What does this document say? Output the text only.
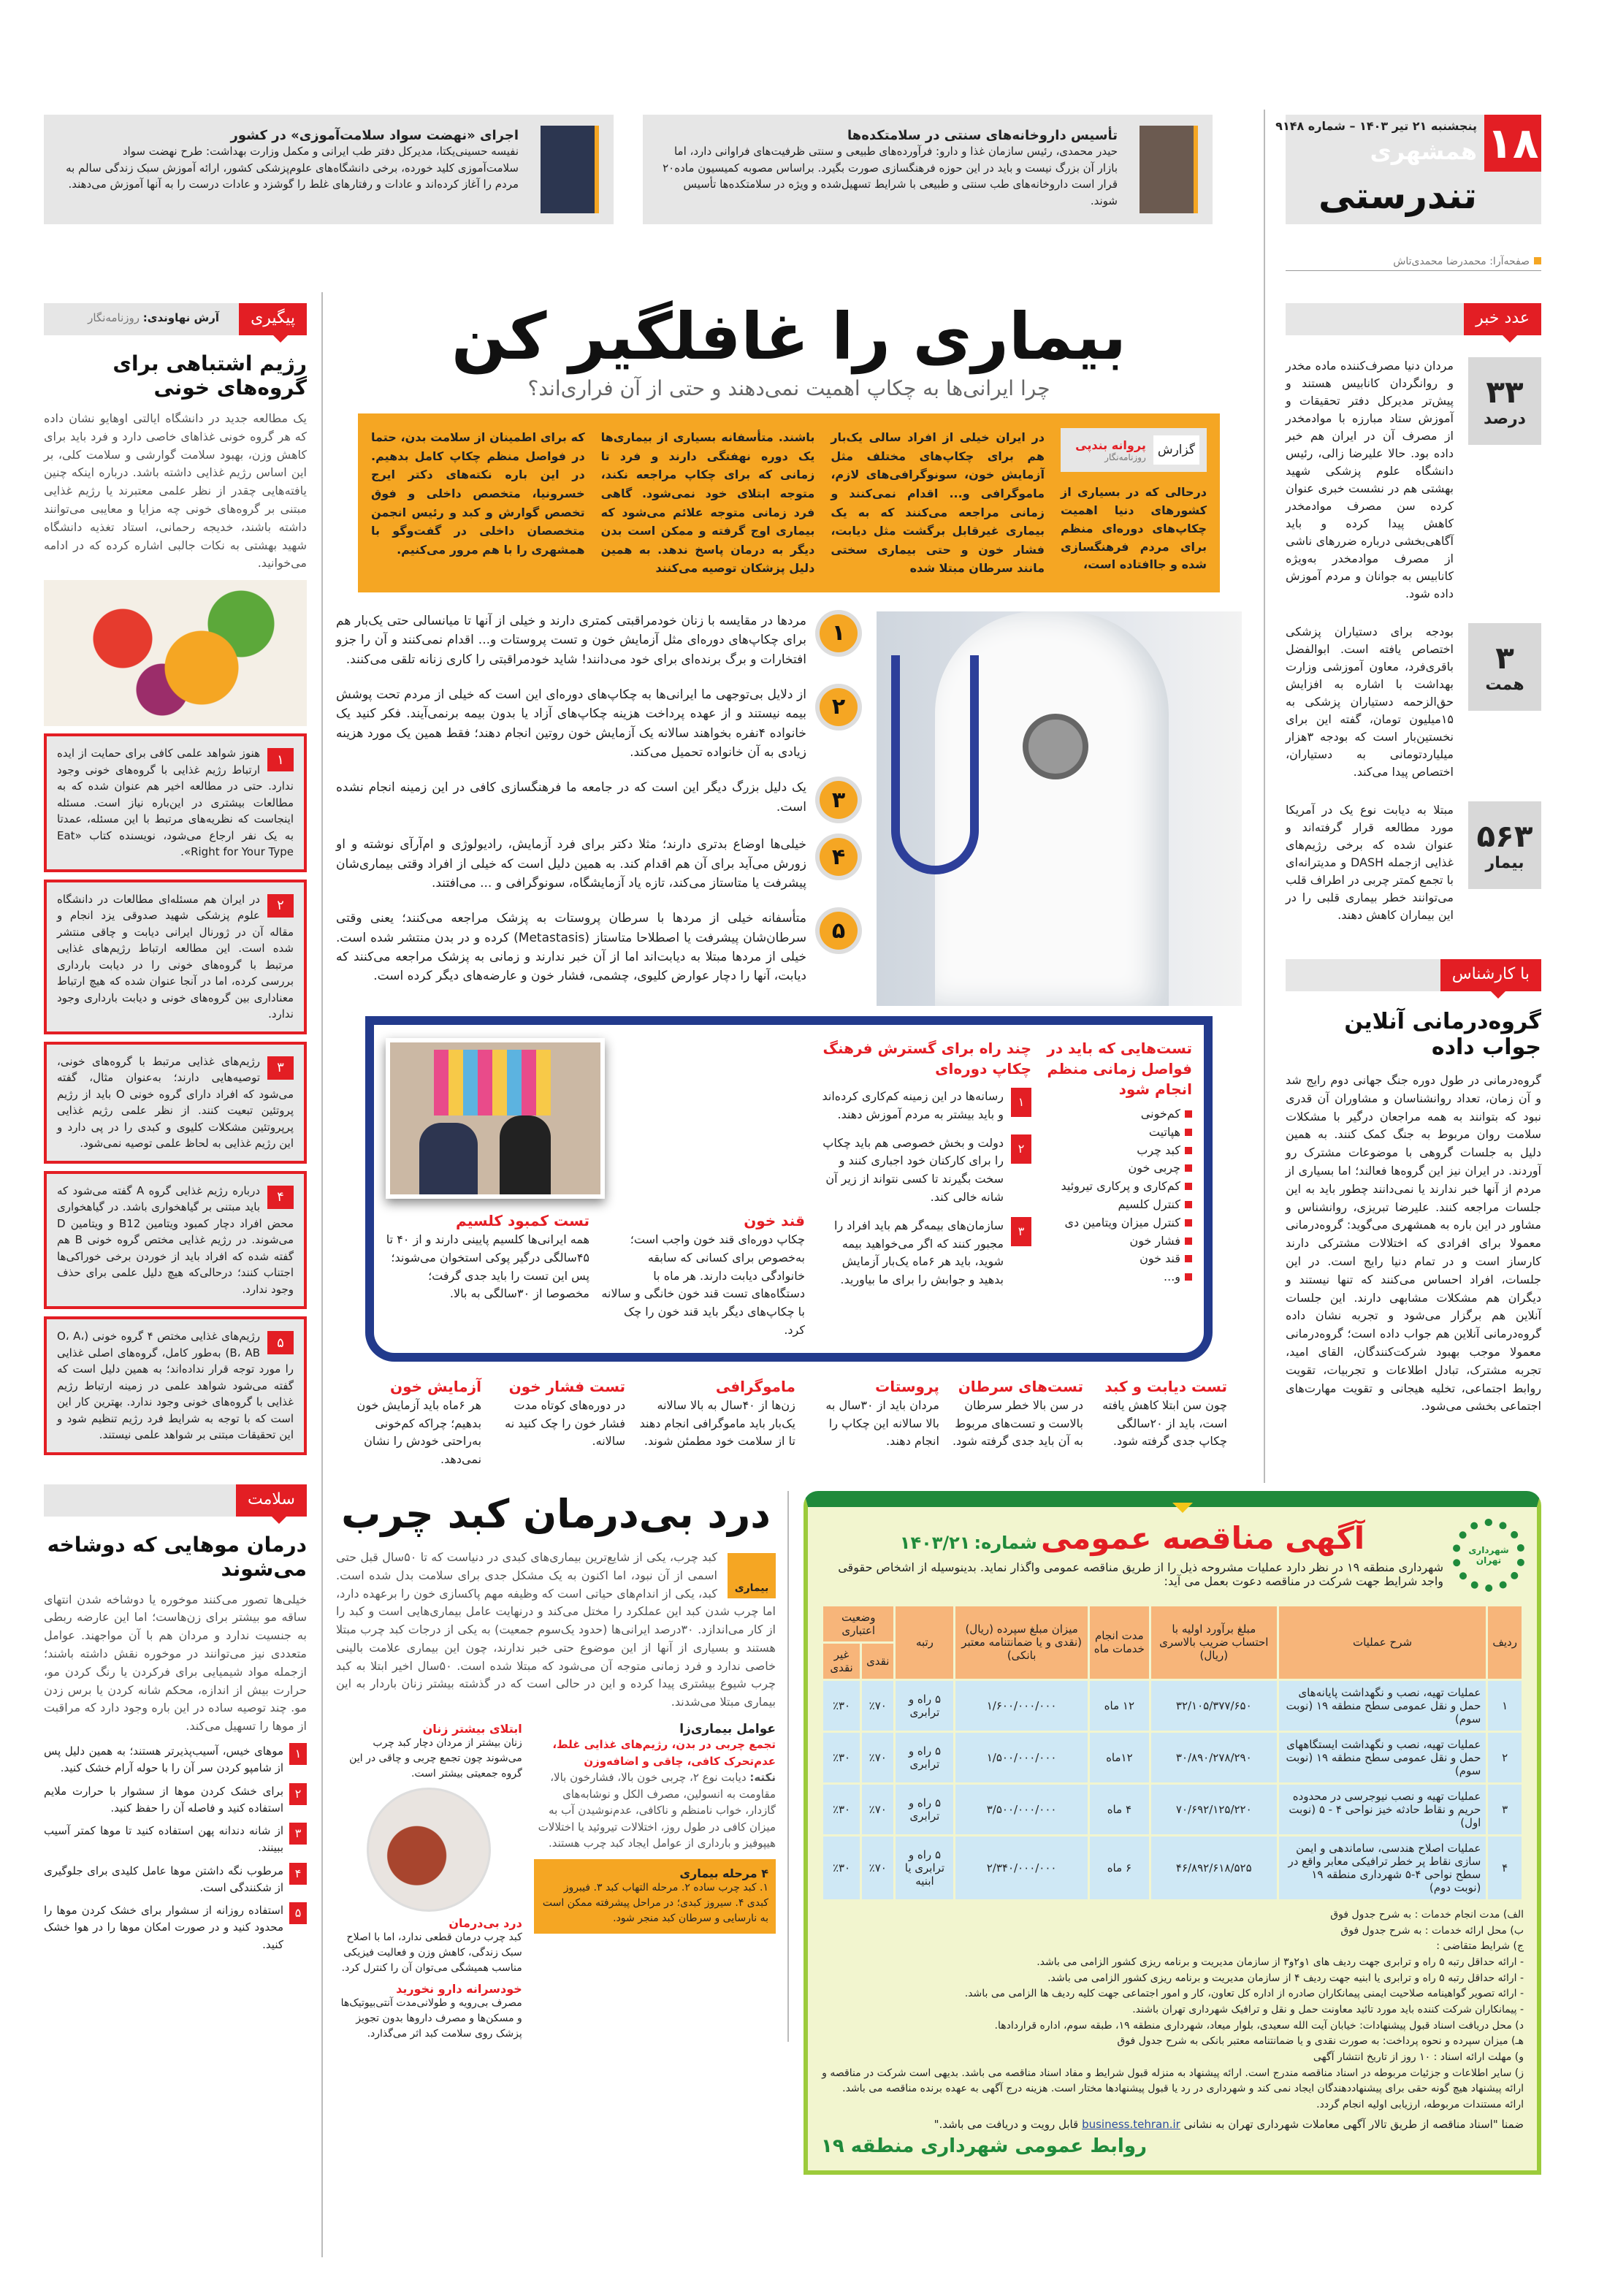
۱۸
پنجشنبه ۲۱ تیر ۱۴۰۳ – شماره ۹۱۴۸
همشهری
تندرستی
صفحه‌آرا: محمدرضا محمدی‌تاش
تأسیس داروخانه‌های سنتی در سلامتکده‌ها
حیدر محمدی، رئیس سازمان غذا و دارو: فرآورده‌های طبیعی و سنتی ظرفیت‌های فراوانی دارد، اما بازار آن بزرگ نیست و باید در این حوزه فرهنگسازی صورت بگیرد. براساس مصوبه کمیسیون ماده۲۰ قرار است داروخانه‌های طب سنتی و طبیعی با شرایط تسهیل‌شده و ویژه در سلامتکده‌ها تأسیس شوند.
اجرای «نهضت سواد سلامت‌آموزی» در کشور
نفیسه حسینی‌یکتا، مدیرکل دفتر طب ایرانی و مکمل وزارت بهداشت: طرح نهضت سواد سلامت‌آموزی کلید خورده، برخی دانشگاه‌های علوم‌پزشکی کشور، ارائه آموزش سبک زندگی سالم به مردم را آغاز کرده‌اند و عادات و رفتارهای غلط را گوشزد و عادات درست را به آنها آموزش می‌دهند.
عدد خبر
۳۳
درصد

مردان دنیا مصرف‌کننده ماده مخدر و روانگردان کانابیس هستند و پیش‌تر مدیرکل دفتر تحقیقات و آموزش ستاد مبارزه با موادمخدر از مصرف آن در ایران هم خبر داده بود. حالا علیرضا زالی، رئیس دانشگاه علوم پزشکی شهید بهشتی هم در نشست خبری عنوان کرده سن مصرف موادمخدر کاهش پیدا کرده و باید آگاهی‌بخشی درباره ضررهای ناشی از مصرف موادمخدر به‌ویژه کانابیس به جوانان و مردم آموزش داده شود.

۳
همت

بودجه برای دستیاران پزشکی اختصاص یافته است. ابوالفضل باقری‌فرد، معاون آموزشی وزارت بهداشت با اشاره به افزایش حق‌الزحمه دستیاران پزشکی به ۱۵میلیون تومان، گفته این برای نخستین‌بار است که بودجه ۳هزار میلیاردتومانی به دستیاران، اختصاص پیدا می‌کند.

۵۶۳
بیمار

مبتلا به دیابت نوع یک در آمریکا مورد مطالعه قرار گرفته‌اند و عنوان شده که برخی رژیم‌های غذایی ازجمله DASH و مدیترانه‌ای با تجمع کمتر چربی در اطراف قلب می‌توانند خطر بیماری قلبی را در این بیماران کاهش دهند.

با کارشناس
گروه‌درمانی آنلاین جواب داده

گروه‌درمانی در طول دوره جنگ جهانی دوم رایج شد و آن زمان، تعداد روانشناسان و مشاوران آن قدری نبود که بتوانند به همه مراجعان درگیر با مشکلات سلامت روان مربوط به جنگ کمک کنند. به همین دلیل به جلسات گروهی با موضوعات مشترک رو آوردند. در ایران نیز این گروه‌ها فعالند؛ اما بسیاری از مردم از آنها خبر ندارند یا نمی‌دانند چطور باید به این جلسات مراجعه کنند. علیرضا تبریزی، روانشناس و مشاور در این باره به همشهری می‌گوید: گروه‌درمانی معمولا برای افرادی که اختلالات مشترکی دارند کارساز است و در تمام دنیا رایج است. در این جلسات، افراد احساس می‌کنند که تنها نیستند و دیگران هم مشکلات مشابهی دارند. این جلسات آنلاین هم برگزار می‌شود و تجربه نشان داده گروه‌درمانی آنلاین هم جواب داده است؛ گروه‌درمانی معمولا موجب بهبود شرکت‌کنندگان، القای امید، تجربه مشترک، تبادل اطلاعات و تجربیات، تقویت روابط اجتماعی، تخلیه هیجانی و تقویت مهارت‌های اجتماعی بخشی می‌شود.

پیگیری
آرش نهاوندی: روزنامه‌نگار
رژیم اشتباهی برای گروه‌های خونی

یک مطالعه جدید در دانشگاه ایالتی اوهایو نشان داده که هر گروه خونی غذاهای خاصی دارد و فرد باید برای کاهش وزن، بهبود سلامت گوارشی و سلامت کلی، بر این اساس رژیم غذایی داشته باشد. درباره اینکه چنین یافته‌هایی چقدر از نظر علمی معتبرند یا رژیم غذایی مبتنی بر گروه‌های خونی چه مزایا و معایبی می‌توانند داشته باشند، خدیجه رحمانی، استاد تغذیه دانشگاه شهید بهشتی به نکات جالبی اشاره کرده که در ادامه می‌خوانید.

۱

هنوز شواهد علمی کافی برای حمایت از ایده ارتباط رژیم غذایی با گروه‌های خونی وجود ندارد. حتی در مطالعه اخیر هم عنوان شده که به مطالعات بیشتری در این‌باره نیاز است. مسئله اینجاست که نظریه‌های مرتبط با این مسئله، عمدتا به یک نفر ارجاع می‌شود، نویسنده کتاب «Eat Right for Your Type».

۲

در ایران هم مسئله‌ای مطالعات در دانشگاه علوم پزشکی شهید صدوقی یزد انجام و مقاله آن در ژورنال ایرانی دیابت و چاقی منتشر شده است. این مطالعه ارتباط رژیم‌های غذایی مرتبط با گروه‌های خونی را در دیابت بارداری بررسی کرده، اما در آنجا عنوان شده که هیچ ارتباط معناداری بین گروه‌های خونی و دیابت بارداری وجود ندارد.

۳

رژیم‌های غذایی مرتبط با گروه‌های خونی، توصیه‌هایی دارند؛ به‌عنوان مثال، گفته می‌شود که افراد دارای گروه خونی O باید از رژیم پروتئین تبعیت کنند. از نظر علمی رژیم غذایی پرپروتئین مشکلات کلیوی و کبدی را در پی دارد و این رژیم غذایی به لحاظ علمی توصیه نمی‌شود.

۴

درباره رژیم غذایی گروه A گفته می‌شود که باید مبتنی بر گیاهخواری باشد. در گیاهخواری محض افراد دچار کمبود ویتامین B12 و ویتامین D می‌شوند. در رژیم غذایی مختص گروه خونی B هم گفته شده که افراد باید از خوردن برخی خوراکی‌ها اجتناب کنند؛ درحالی‌که هیچ دلیل علمی برای حذف وجود ندارد.

۵

رژیم‌های غذایی مختص ۴ گروه خونی (O، A، B، AB) به‌طور کامل، گروه‌های اصلی غذایی را مورد توجه قرار نداده‌اند؛ به همین دلیل است که گفته می‌شود شواهد علمی در زمینه ارتباط رژیم غذایی با گروه‌های خونی وجود ندارد. بهترین کار این است که با توجه به شرایط فرد رژیم تنظیم شود و این تحقیقات مبتنی بر شواهد علمی نیستند.

سلامت
درمان موهایی که دوشاخه می‌شوند

خیلی‌ها تصور می‌کنند موخوره یا دوشاخه شدن انتهای ساقه مو بیشتر برای زن‌هاست؛ اما این عارضه ربطی به جنسیت ندارد و مردان هم با آن مواجهند. عوامل متعددی نیز می‌توانند در موخوره نقش داشته باشند؛ ازجمله مواد شیمیایی برای فرکردن یا رنگ کردن مو، حرارت بیش از اندازه، محکم شانه کردن یا برس زدن مو. چند توصیه ساده در این باره وجود دارد که مراقبت از موها را تسهیل می‌کند.

۱

موهای خیس، آسیب‌پذیرتر هستند؛ به همین دلیل پس از شامپو کردن سر آن را با حوله آرام خشک کنید.

۲

برای خشک کردن موها از سشوار با حرارت ملایم استفاده کنید و فاصله آن را حفظ کنید.

۳

از شانه دندانه پهن استفاده کنید تا موها کمتر آسیب ببینند.

۴

مرطوب نگه داشتن موها عامل کلیدی برای جلوگیری از شکنندگی است.

۵

استفاده روزانه از سشوار برای خشک کردن موها را محدود کنید و در صورت امکان موها را در هوا خشک کنید.

بیماری را غافلگیر کن
چرا ایرانی‌ها به چکاپ اهمیت نمی‌دهند و حتی از آن فراری‌اند؟
گزارش
پروانه بندپی
روزنامه‌نگار

درحالی که در بسیاری از کشورهای دنیا اهمیت چکاپ‌های دوره‌ای منظم برای مردم فرهنگسازی شده و جاافتاده است،

در ایران خیلی از افراد سالی یک‌بار هم برای چکاپ‌های مختلف مثل آزمایش خون، سونوگرافی‌های لازم، ماموگرافی و... اقدام نمی‌کنند و زمانی مراجعه می‌کنند که به یک بیماری غیرقابل برگشت مثل دیابت، فشار خون و حتی بیماری سختی مانند سرطان مبتلا شده

باشند. متأسفانه بسیاری از بیماری‌ها یک دوره نهفتگی دارند و فرد تا زمانی که برای چکاپ مراجعه نکند، متوجه ابتلای خود نمی‌شود. گاهی فرد زمانی متوجه علائم می‌شود که بیماری اوج گرفته و ممکن است بدن دیگر به درمان پاسخ ندهد. به همین دلیل پزشکان توصیه می‌کنند

که برای اطمینان از سلامت بدن، حتما در فواصل منظم چکاپ کامل بدهیم. در این باره نکته‌های دکتر ایرج خسرونیا، متخصص داخلی و فوق تخصص گوارش و کبد و رئیس انجمن متخصصان داخلی در گفت‌وگو با همشهری را با هم مرور می‌کنیم.

۱

مردها در مقایسه با زنان خودمراقبتی کمتری دارند و خیلی از آنها تا میانسالی حتی یک‌بار هم برای چکاپ‌های دوره‌ای مثل آزمایش خون و تست پروستات و... اقدام نمی‌کنند و آن را جزو افتخارات و برگ برنده‌ای برای خود می‌دانند! شاید خودمراقبتی را کاری زنانه تلقی می‌کنند.

۲

از دلایل بی‌توجهی ما ایرانی‌ها به چکاپ‌های دوره‌ای این است که خیلی از مردم تحت پوشش بیمه نیستند و از عهده پرداخت هزینه چکاپ‌های آزاد یا بدون بیمه برنمی‌آیند. فکر کنید یک خانواده ۴نفره بخواهند سالانه یک آزمایش خون روتین انجام دهند؛ فقط همین یک مورد هزینه زیادی به آن خانواده تحمیل می‌کند.

۳

یک دلیل بزرگ دیگر این است که در جامعه ما فرهنگسازی کافی در این زمینه انجام نشده است.

۴

خیلی‌ها اوضاع بدتری دارند؛ مثلا دکتر برای فرد آزمایش، رادیولوژی و ام‌آرآی نوشته و او زورش می‌آید برای آن هم اقدام کند. به همین دلیل است که خیلی از افراد وقتی بیماری‌شان پیشرفت یا متاستاز می‌کند، تازه یاد آزمایشگاه، سونوگرافی و ... می‌افتند.

۵

متأسفانه خیلی از مردها با سرطان پروستات به پزشک مراجعه می‌کنند؛ یعنی وقتی سرطان‌شان پیشرفت یا اصطلاحا متاستاز (Metastasis) کرده و در بدن منتشر شده است. خیلی از مردها مبتلا به دیابت‌اند اما از آن خبر ندارند و زمانی به پزشک مراجعه می‌کنند که دیابت، آنها را دچار عوارض کلیوی، چشمی، فشار خون و عارضه‌های دیگر کرده است.

تست‌هایی که باید در فواصل زمانی منظم انجام شود
کم‌خونی
هپاتیت
کبد چرب
چربی خون
کم‌کاری و پرکاری تیروئید
کنترل کلسیم
کنترل میزان ویتامین دی
فشار خون
قند خون
و...
چند راه برای گسترش فرهنگ چکاپ دوره‌ای
۱
رسانه‌ها در این زمینه کم‌کاری کرده‌اند و باید بیشتر به مردم آموزش دهند.
۲
دولت و بخش خصوصی هم باید چکاپ را برای کارکنان خود اجباری کنند و سخت بگیرند تا کسی نتواند از زیر آن شانه خالی کند.
۳
سازمان‌های بیمه‌گر هم باید افراد را مجبور کنند که اگر می‌خواهید بیمه شوید، باید هر ۶ماه یک‌بار آزمایش بدهید و جوابش را برای ما بیاورید.
قند خون
چکاپ دوره‌ای قند خون واجب است؛ به‌خصوص برای کسانی که سابقه خانوادگی دیابت دارند. هر ماه با دستگاه‌های تست قند خون خانگی و سالانه با چکاپ‌های دیگر باید قند خون را چک کرد.
تست کمبود کلسیم
همه ایرانی‌ها کلسیم پایینی دارند و از ۴۰ تا ۴۵سالگی درگیر پوکی استخوان می‌شوند؛ پس این تست را باید جدی گرفت؛ مخصوصا از ۳۰سالگی به بالا.
تست دیابت و کبد
چون سن ابتلا کاهش یافته است، باید از ۲۰سالگی چکاپ جدی گرفته شود.
تست‌های سرطان
در سن بالا خطر سرطان بالاست و تست‌های مربوط به آن باید جدی گرفته شود.
پروستات
مردان باید از ۳۰سال به بالا سالانه این چکاپ را انجام دهند.
ماموگرافی
زن‌ها از ۴۰سال به بالا سالانه یک‌بار باید ماموگرافی انجام دهند تا از سلامت خود مطمئن شوند.
تست فشار خون
در دوره‌های کوتاه مدت فشار خون را چک کنید نه سالانه.
آزمایش خون
هر ۶ماه باید آزمایش خون بدهیم؛ چراکه کم‌خونی به‌راحتی خودش را نشان نمی‌دهد.
شهرداری تهران
آگهی مناقصه عمومی شماره: ۱۴۰۳/۲۱
شهرداری منطقه ۱۹ در نظر دارد عملیات مشروحه ذیل را از طریق مناقصه عمومی واگذار نماید. بدینوسیله از اشخاص حقوقی واجد شرایط جهت شرکت در مناقصه دعوت بعمل می آید:
ردیف	شرح عملیات	مبلغ برآورد اولیه با احتساب ضریب بالاسری (ریال)	مدت انجام خدمات ماه	میزان مبلغ سپرده (ریال) (نقدی و یا ضمانتنامه معتبر بانکی)	رتبه	وضعیت اعتباری	
						نقدی	غیر نقدی
۱	عملیات تهیه، نصب و نگهداشت پایانه‌های حمل و نقل عمومی سطح منطقه ۱۹ (نوبت سوم)	۳۲/۱۰۵/۳۷۷/۶۵۰	۱۲ ماه	۱/۶۰۰/۰۰۰/۰۰۰	۵ راه و ترابری	٪۷۰	٪۳۰
۲	عملیات تهیه، نصب و نگهداشت ایستگاههای حمل و نقل عمومی سطح منطقه ۱۹ (نوبت سوم)	۳۰/۸۹۰/۲۷۸/۲۹۰	۱۲ماه	۱/۵۰۰/۰۰۰/۰۰۰	۵ راه و ترابری	٪۷۰	٪۳۰
۳	عملیات تهیه و نصب نیوجرسی در محدوده حریم و نقاط حادثه خیز نواحی ۴ - ۵ (نوبت اول)	۷۰/۶۹۲/۱۲۵/۲۲۰	۴ ماه	۳/۵۰۰/۰۰۰/۰۰۰	۵ راه و ترابری	٪۷۰	٪۳۰
۴	عملیات اصلاح هندسی، ساماندهی و ایمن سازی نقاط پر خطر ترافیکی معابر واقع در سطح نواحی ۴-۵ شهرداری منطقه ۱۹ (نوبت دوم)	۴۶/۸۹۲/۶۱۸/۵۲۵	۶ ماه	۲/۳۴۰/۰۰۰/۰۰۰	۵ راه و ترابری یا ابنیه	٪۷۰	٪۳۰
الف) مدت انجام خدمات : به شرح جدول فوق
ب) محل ارائه خدمات : به شرح جدول فوق
ج) شرایط متقاضی :
- ارائه حداقل رتبه ۵ راه و ترابری جهت ردیف های ۱و۲و۳ از سازمان مدیریت و برنامه ریزی کشور الزامی می باشد.
- ارائه حداقل رتبه ۵ راه و ترابری یا ابنیه جهت ردیف ۴ از سازمان مدیریت و برنامه ریزی کشور الزامی می باشد.
- ارائه تصویر گواهینامه صلاحیت ایمنی پیمانکاران صادره از اداره کل تعاون، کار و امور اجتماعی جهت کلیه ردیف ها الزامی می باشد.
- پیمانکاران شرکت کننده باید مورد تائید معاونت حمل و نقل و ترافیک شهرداری تهران باشند.
د) محل دریافت اسناد قبول پیشنهادات: خیابان آیت الله سعیدی، بلوار میعاد، شهرداری منطقه ۱۹، طبقه سوم، اداره قراردادها.
هـ) میزان سپرده و نحوه پرداخت: به صورت نقدی و یا ضمانتنامه معتبر بانکی به شرح جدول فوق
و) مهلت ارائه اسناد : ۱۰ روز از تاریخ انتشار آگهی
ز) سایر اطلاعات و جزئیات مربوطه در اسناد مناقصه مندرج است. ارائه پیشنهاد به منزله قبول شرایط و مفاد اسناد مناقصه می باشد. بدیهی است شرکت در مناقصه و ارائه پیشنهاد هیچ گونه حقی برای پیشنهاددهندگان ایجاد نمی کند و شهرداری در رد یا قبول پیشنهادها مختار است. هزینه درج آگهی به عهده برنده مناقصه می باشد. ارائه مستندات مربوطه، ارزیابی اولیه انجام گردد.
ضمنا "اسناد مناقصه از طریق تالار آگهی معاملات شهرداری تهران به نشانی business.tehran.ir قابل رویت و دریافت می باشد."
روابط عمومی شهرداری منطقه ۱۹
درد بی‌درمان کبد چرب
بیماری

کبد چرب، یکی از شایع‌ترین بیماری‌های کبدی در دنیاست که تا ۵۰سال قبل حتی اسمی از آن نبود، اما اکنون به یک مشکل جدی برای سلامت بدل شده است. کبد، یکی از اندام‌های حیاتی است که وظیفه مهم پاکسازی خون را برعهده دارد، اما چرب شدن کبد این عملکرد را مختل می‌کند و درنهایت عامل بیماری‌هایی است و کبد را از کار می‌اندازد. ۳۰درصد ایرانی‌ها (حدود یک‌سوم جمعیت) به یکی از درجات کبد چرب مبتلا هستند و بسیاری از آنها از این موضوع حتی خبر ندارند، چون این بیماری علامت بالینی خاصی ندارد و فرد زمانی متوجه آن می‌شود که مبتلا شده است. ۵۰سال اخیر ابتلا به کبد چرب شیوع بیشتری پیدا کرده و این در حالی است که در گذشته بیشتر زنان باردار به این بیماری مبتلا می‌شدند.

عوامل بیماری‌زا
تجمع چربی در بدن، رژیم‌های غذایی غلط، عدم‌تحرک کافی، چاقی و اضافه‌وزن
نکته: دیابت نوع ۲، چربی خون بالا، فشارخون بالا، مقاومت به انسولین، مصرف الکل و نوشابه‌های گازدار، خواب نامنظم و ناکافی، عدم‌نوشیدن آب به میزان کافی در طول روز، اختلالات تیروئید یا اختلالات هیپوفیز و بارداری از عوامل ایجاد کبد چرب هستند.
۴ مرحله بیماری
۱. کبد چرب ساده ۲. مرحله التهاب کبد ۳. فیبروز کبدی ۴. سیروز کبدی؛ در مراحل پیشرفته ممکن است به نارسایی و سرطان کبد منجر شود.
ابتلای بیشتر زنان
زنان بیشتر از مردان دچار کبد چرب می‌شوند چون تجمع چربی و چاقی در این گروه جمعیتی بیشتر است.
درد بی‌درمان
کبد چرب درمان قطعی ندارد، اما با اصلاح سبک زندگی، کاهش وزن و فعالیت فیزیکی مناسب همیشگی می‌توان آن را کنترل کرد.
خودسرانه دارو نخورید
مصرف بی‌رویه و طولانی‌مدت آنتی‌بیوتیک‌ها و مسکن‌ها و مصرف داروها بدون تجویز پزشک روی سلامت کبد اثر می‌گذارد.
